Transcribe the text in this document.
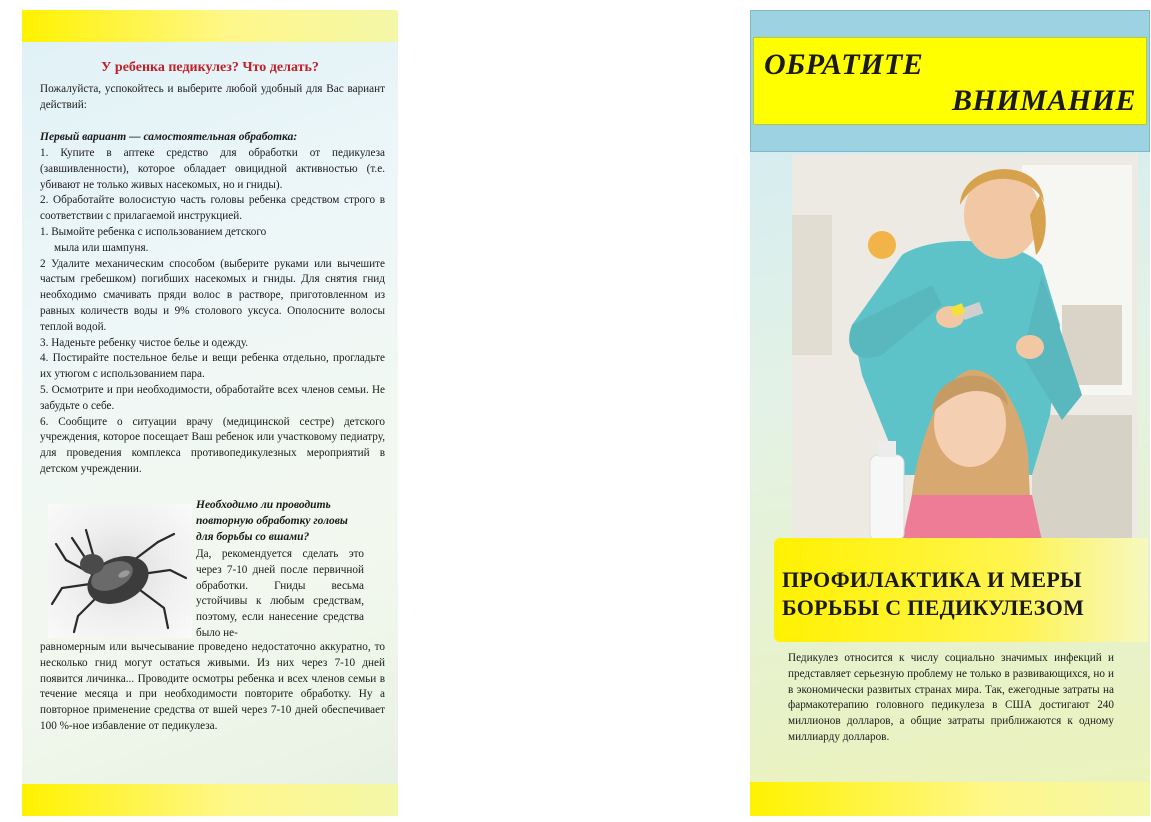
У ребенка педикулез? Что делать?
Пожалуйста, успокойтесь и выберите любой удобный для Вас вариант действий:
Первый вариант — самостоятельная обработка:

1. Купите в аптеке средство для обработки от педикулеза (завшивленности), которое обладает овицидной активностью (т.е. убивают не только живых насекомых, но и гниды).

2. Обработайте волосистую часть головы ребенка средством строго в соответствии с прилагаемой инструкцией.

1. Вымойте ребенка с использованием детского

мыла или шампуня.

2 Удалите механическим способом (выберите руками или вычешите частым гребешком) погибших насекомых и гниды. Для снятия гнид необходимо смачивать пряди волос в растворе, приготовленном из равных количеств воды и 9% столового уксуса. Ополосните волосы теплой водой.

3. Наденьте ребенку чистое белье и одежду.

4. Постирайте постельное белье и вещи ребенка отдельно, прогладьте их утюгом с использованием пара.

5. Осмотрите и при необходимости, обработайте всех членов семьи. Не забудьте о себе.

6. Сообщите о ситуации врачу (медицинской сестре) детского учреждения, которое посещает Ваш ребенок или участковому педиатру, для проведения комплекса противопедикулезных мероприятий в детском учреждении.

Необходимо ли проводить повторную обработку головы для борьбы со вшами?
Да, рекомендуется сделать это через 7-10 дней после первичной обработки. Гниды весьма устойчивы к любым средствам, поэтому, если нанесение средства было не-
равномерным или вычесывание проведено недостаточно аккуратно, то несколько гнид могут остаться живыми. Из них через 7-10 дней появится личинка... Проводите осмотры ребенка и всех членов семьи в течение месяца и при необходимости повторите обработку. Ну а повторное применение средства от вшей через 7-10 дней обеспечивает 100 %-ное избавление от педикулеза.
ОБРАТИТЕ
ВНИМАНИЕ
ПРОФИЛАКТИКА И МЕРЫ БОРЬБЫ С ПЕДИКУЛЕЗОМ
Педикулез относится к числу социально значимых инфекций и представляет серьезную проблему не только в развивающихся, но и в экономически развитых странах мира. Так, ежегодные затраты на фармакотерапию головного педикулеза в США достигают 240 миллионов долларов, а общие затраты приближаются к одному миллиарду долларов.
